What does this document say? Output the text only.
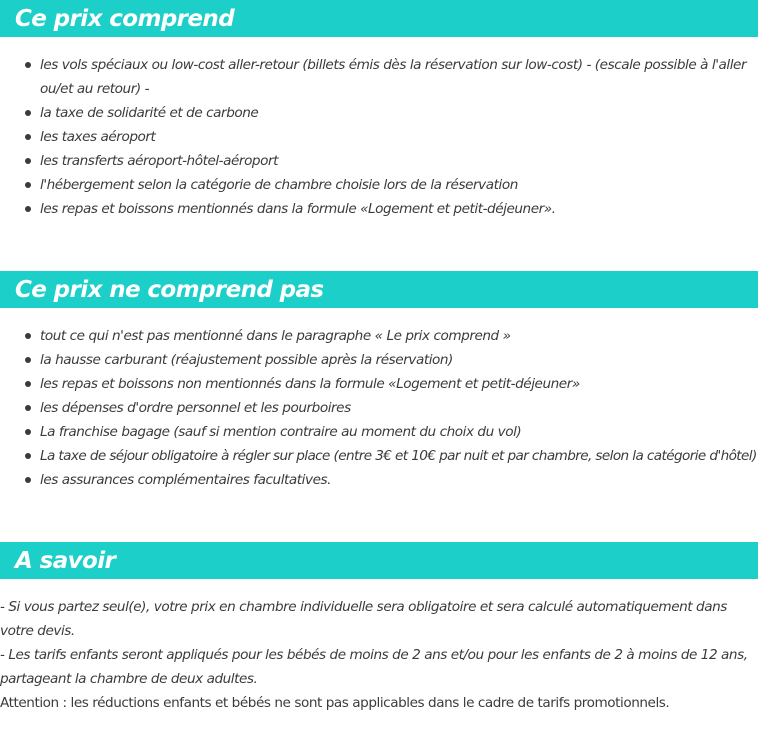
Ce prix comprend
les vols spéciaux ou low-cost aller-retour (billets émis dès la réservation sur low-cost) - (escale possible à l'aller ou/et au retour) -
la taxe de solidarité et de carbone
les taxes aéroport
les transferts aéroport-hôtel-aéroport
l'hébergement selon la catégorie de chambre choisie lors de la réservation
les repas et boissons mentionnés dans la formule «Logement et petit-déjeuner».
Ce prix ne comprend pas
tout ce qui n'est pas mentionné dans le paragraphe « Le prix comprend »
la hausse carburant (réajustement possible après la réservation)
les repas et boissons non mentionnés dans la formule «Logement et petit-déjeuner»
les dépenses d'ordre personnel et les pourboires
La franchise bagage (sauf si mention contraire au moment du choix du vol)
La taxe de séjour obligatoire à régler sur place (entre 3€ et 10€ par nuit et par chambre, selon la catégorie d'hôtel)
les assurances complémentaires facultatives.
A savoir

- Si vous partez seul(e), votre prix en chambre individuelle sera obligatoire et sera calculé automatiquement dans votre devis.

- Les tarifs enfants seront appliqués pour les bébés de moins de 2 ans et/ou pour les enfants de 2 à moins de 12 ans, partageant la chambre de deux adultes.

Attention : les réductions enfants et bébés ne sont pas applicables dans le cadre de tarifs promotionnels.
